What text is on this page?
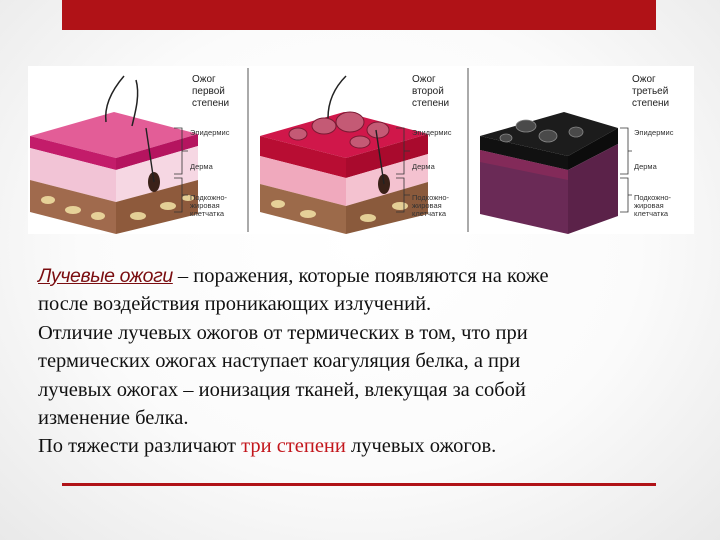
Ожог
первой
степени
Эпидермис
Дерма
Подкожно-
жировая
клетчатка
Ожог
второй
степени
Эпидермис
Дерма
Подкожно-
жировая
клетчатка
Ожог
третьей
степени
Эпидермис
Дерма
Подкожно-
жировая
клетчатка
Лучевые ожоги – поражения, которые появляются на коже
после воздействия проникающих излучений.
Отличие лучевых ожогов от термических в том, что при
термических ожогах наступает коагуляция белка, а при
лучевых ожогах – ионизация тканей, влекущая за собой
изменение белка.
По тяжести различают три степени лучевых ожогов.
